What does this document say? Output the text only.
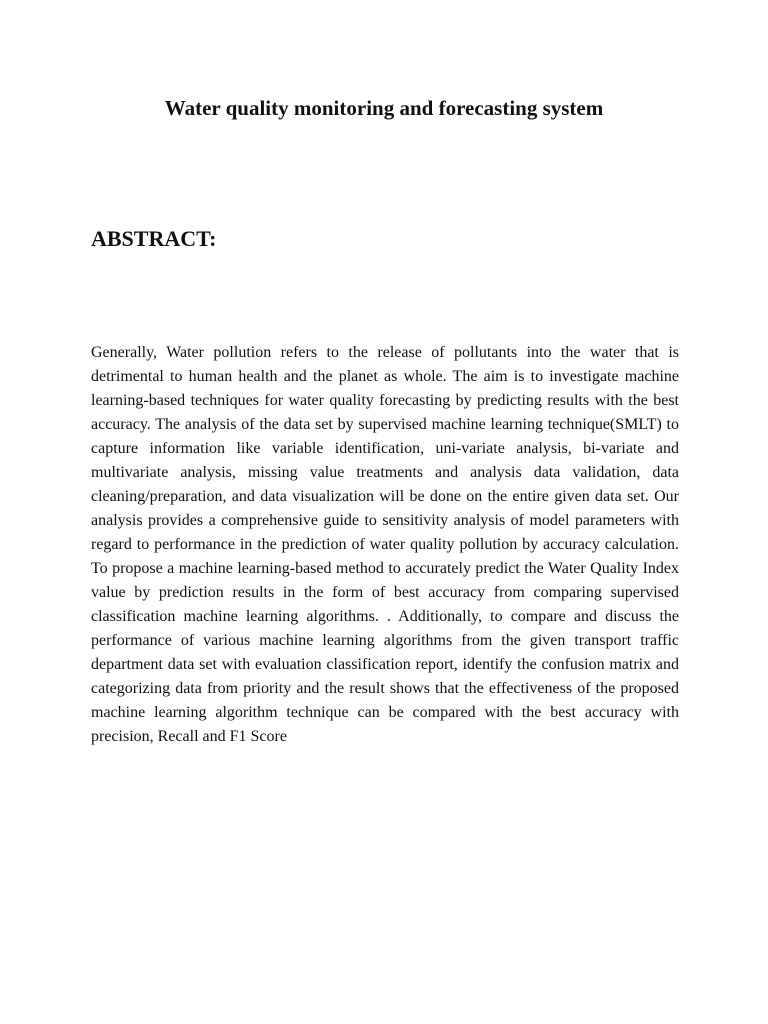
Water quality monitoring and forecasting system
ABSTRACT:

Generally, Water pollution refers to the release of pollutants into the water that is detrimental to human health and the planet as whole. The aim is to investigate machine learning-based techniques for water quality forecasting by predicting results with the best accuracy. The analysis of the data set by supervised machine learning technique(SMLT) to capture information like variable identification, uni-variate analysis, bi-variate and multivariate analysis, missing value treatments and analysis data validation, data cleaning/preparation, and data visualization will be done on the entire given data set. Our analysis provides a comprehensive guide to sensitivity analysis of model parameters with regard to performance in the prediction of water quality pollution by accuracy calculation. To propose a machine learning-based method to accurately predict the Water Quality Index value by prediction results in the form of best accuracy from comparing supervised classification machine learning algorithms. . Additionally, to compare and discuss the performance of various machine learning algorithms from the given transport traffic department data set with evaluation classification report, identify the confusion matrix and categorizing data from priority and the result shows that the effectiveness of the proposed machine learning algorithm technique can be compared with the best accuracy with precision, Recall and F1 Score
